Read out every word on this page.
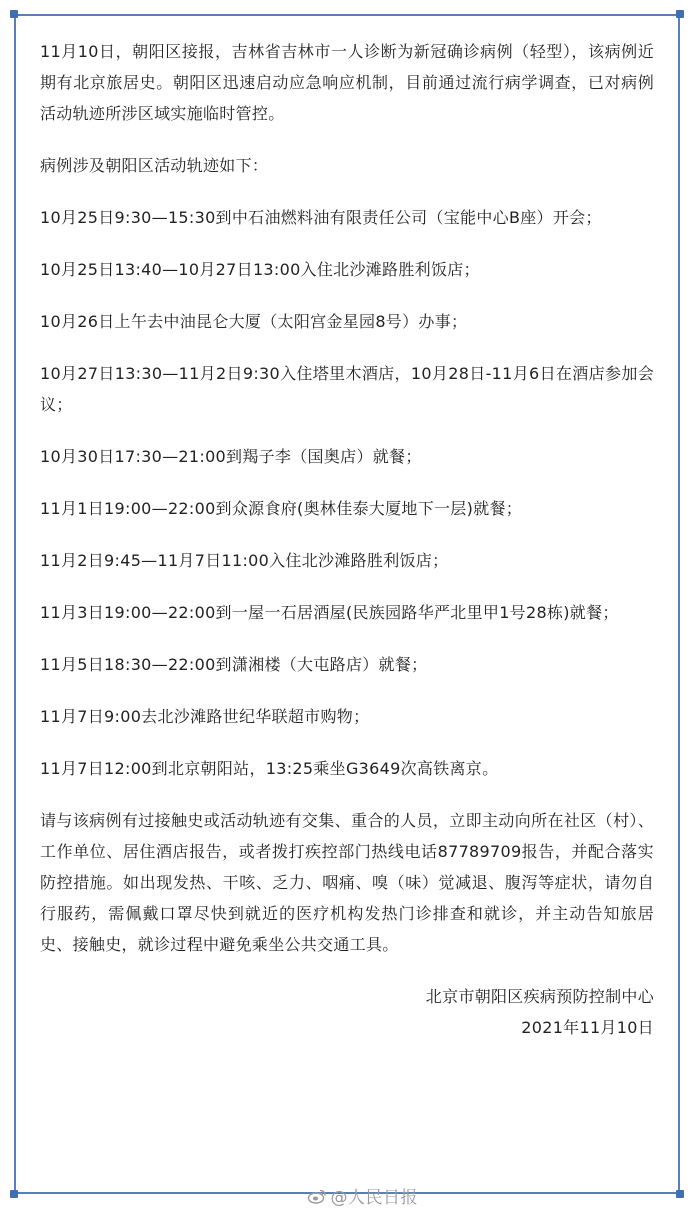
11月10日，朝阳区接报，吉林省吉林市一人诊断为新冠确诊病例（轻型），该病例近期有北京旅居史。朝阳区迅速启动应急响应机制，目前通过流行病学调查，已对病例活动轨迹所涉区域实施临时管控。

病例涉及朝阳区活动轨迹如下：

10月25日9:30—15:30到中石油燃料油有限责任公司（宝能中心B座）开会；

10月25日13:40—10月27日13:00入住北沙滩路胜利饭店；

10月26日上午去中油昆仑大厦（太阳宫金星园8号）办事；

10月27日13:30—11月2日9:30入住塔里木酒店，10月28日-11月6日在酒店参加会议；

10月30日17:30—21:00到羯子李（国奥店）就餐；

11月1日19:00—22:00到众源食府(奥林佳泰大厦地下一层)就餐；

11月2日9:45—11月7日11:00入住北沙滩路胜利饭店；

11月3日19:00—22:00到一屋一石居酒屋(民族园路华严北里甲1号28栋)就餐；

11月5日18:30—22:00到潇湘楼（大屯路店）就餐；

11月7日9:00去北沙滩路世纪华联超市购物；

11月7日12:00到北京朝阳站，13:25乘坐G3649次高铁离京。

请与该病例有过接触史或活动轨迹有交集、重合的人员，立即主动向所在社区（村）、工作单位、居住酒店报告，或者拨打疾控部门热线电话87789709报告，并配合落实防控措施。如出现发热、干咳、乏力、咽痛、嗅（味）觉减退、腹泻等症状，请勿自行服药，需佩戴口罩尽快到就近的医疗机构发热门诊排查和就诊，并主动告知旅居史、接触史，就诊过程中避免乘坐公共交通工具。

北京市朝阳区疾病预防控制中心

2021年11月10日

@人民日报
